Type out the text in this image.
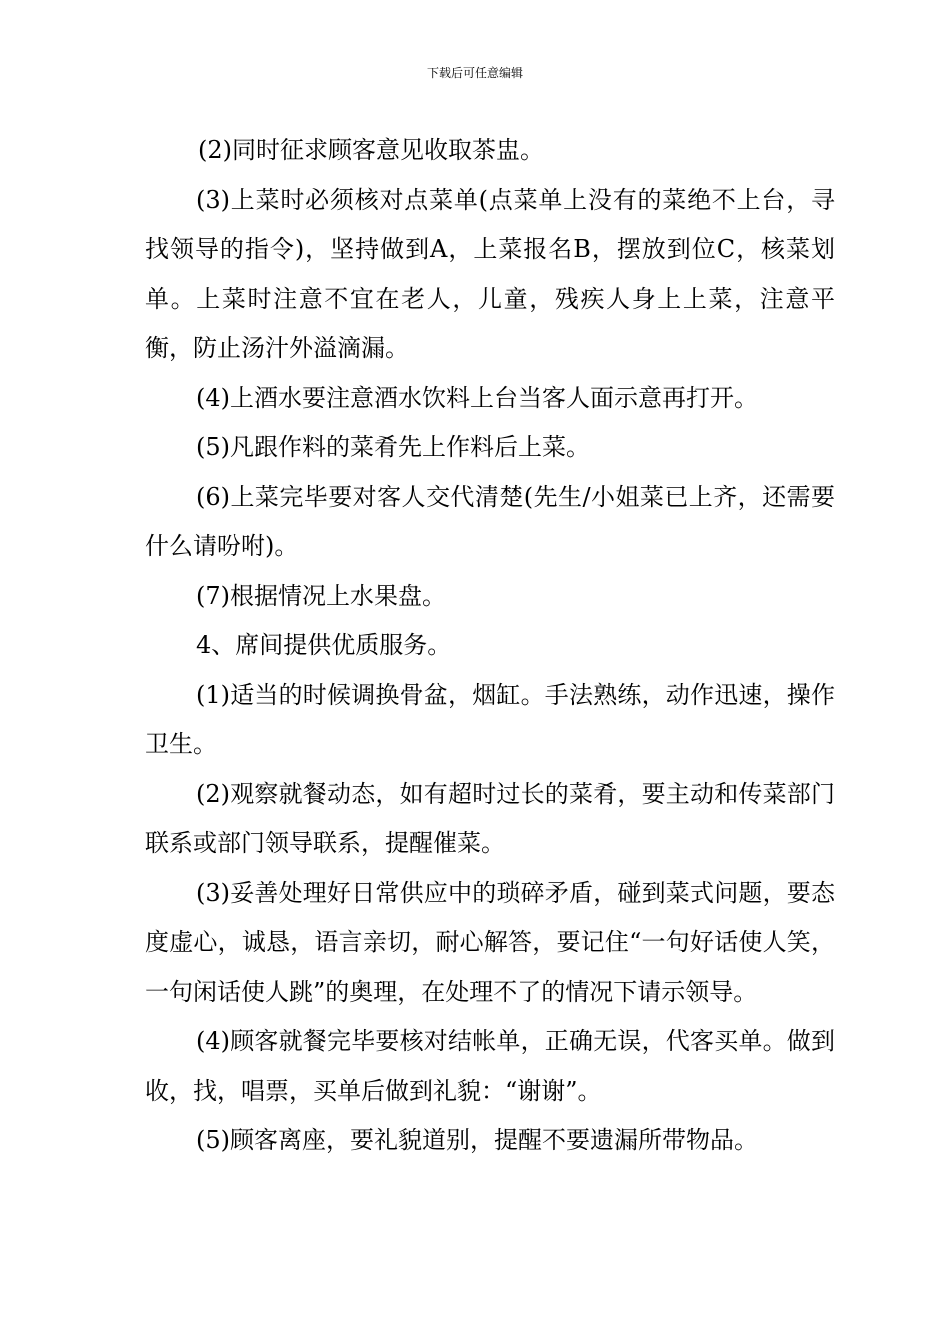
下载后可任意编辑

(2)同时征求顾客意见收取茶盅。

(3)上菜时必须核对点菜单(点菜单上没有的菜绝不上台，寻找领导的指令)，坚持做到A，上菜报名B，摆放到位C，核菜划单。上菜时注意不宜在老人，儿童，残疾人身上上菜，注意平衡，防止汤汁外溢滴漏。

(4)上酒水要注意酒水饮料上台当客人面示意再打开。

(5)凡跟作料的菜肴先上作料后上菜。

(6)上菜完毕要对客人交代清楚(先生/小姐菜已上齐，还需要什么请吩咐)。

(7)根据情况上水果盘。

4、席间提供优质服务。

(1)适当的时候调换骨盆，烟缸。手法熟练，动作迅速，操作卫生。

(2)观察就餐动态，如有超时过长的菜肴，要主动和传菜部门联系或部门领导联系，提醒催菜。

(3)妥善处理好日常供应中的琐碎矛盾，碰到菜式问题，要态度虚心，诚恳，语言亲切，耐心解答，要记住“一句好话使人笑，一句闲话使人跳”的奥理，在处理不了的情况下请示领导。

(4)顾客就餐完毕要核对结帐单，正确无误，代客买单。做到收，找，唱票，买单后做到礼貌：“谢谢”。

(5)顾客离座，要礼貌道别，提醒不要遗漏所带物品。
